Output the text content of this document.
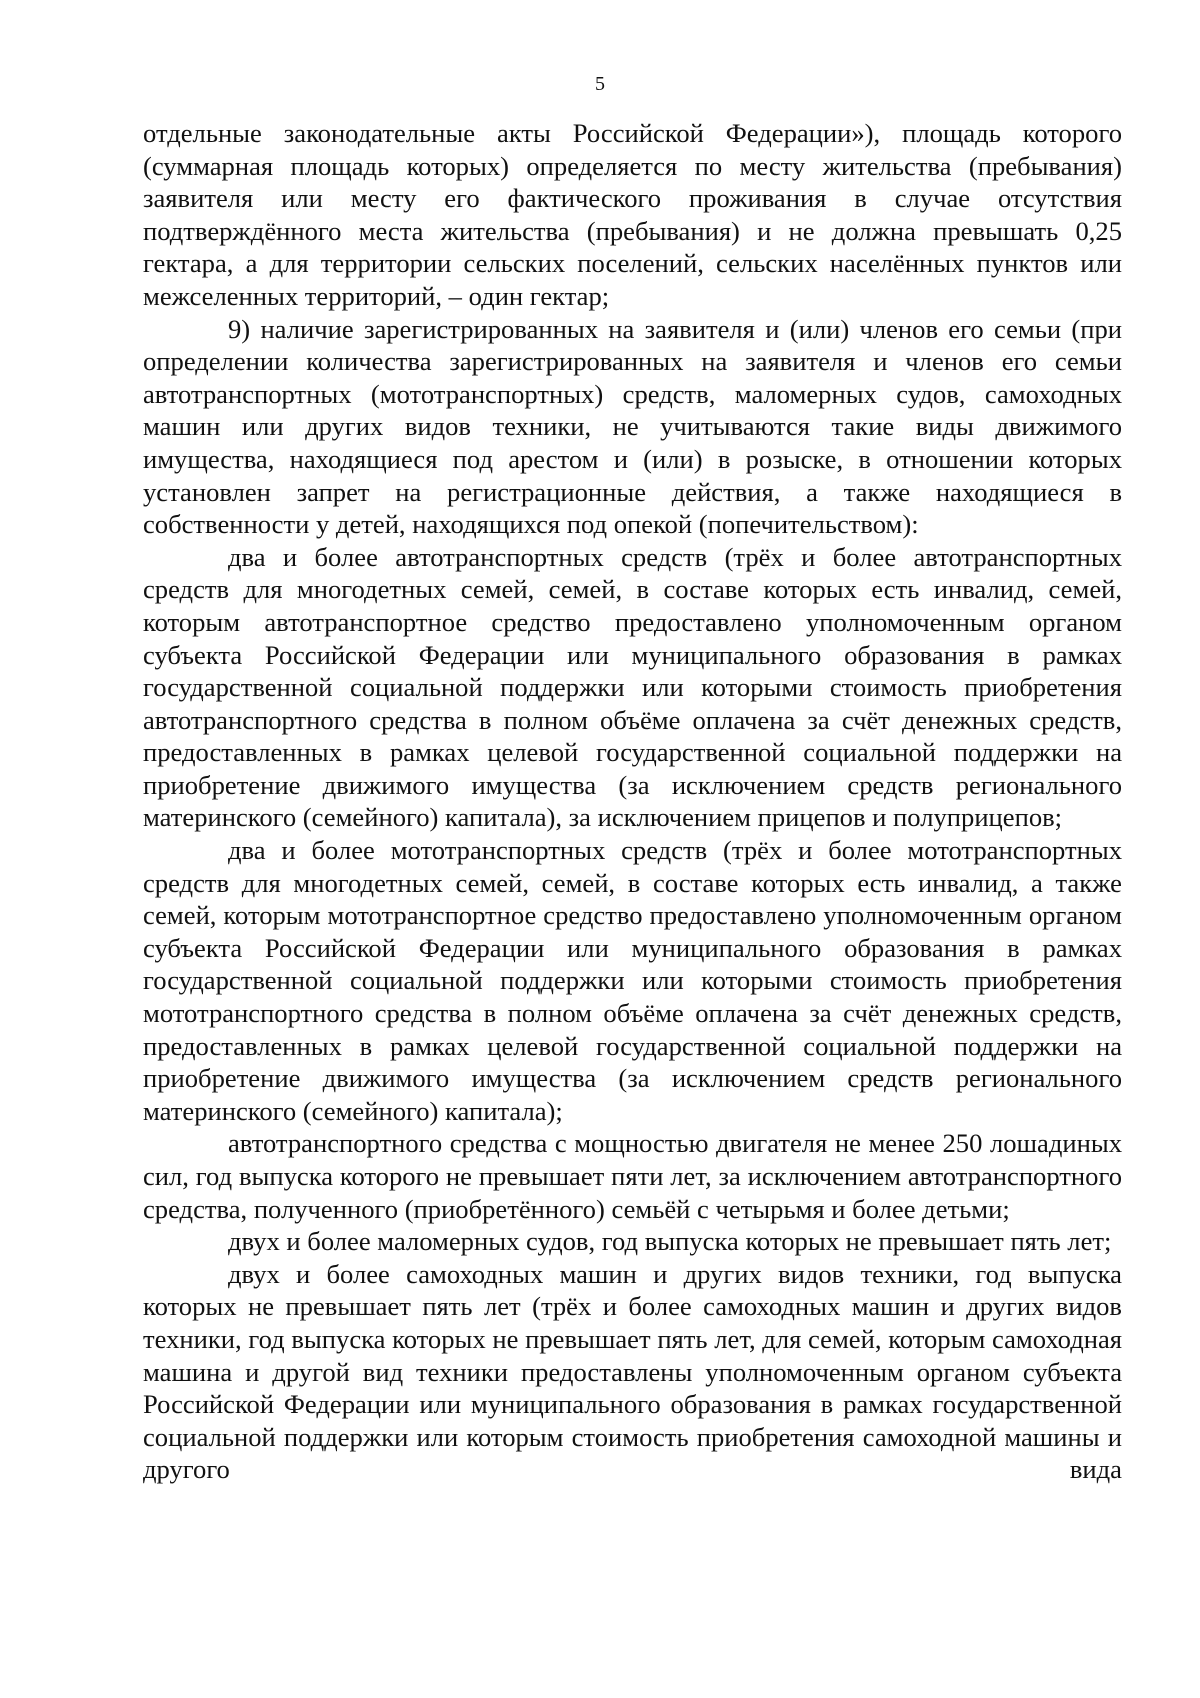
5

отдельные законодательные акты Российской Федерации»), площадь которого (суммарная площадь которых) определяется по месту жительства (пребывания) заявителя или месту его фактического проживания в случае отсутствия подтверждённого места жительства (пребывания) и не должна превышать 0,25 гектара, а для территории сельских поселений, сельских населённых пунктов или межселенных территорий, – один гектар;

9) наличие зарегистрированных на заявителя и (или) членов его семьи (при определении количества зарегистрированных на заявителя и членов его семьи автотранспортных (мототранспортных) средств, маломерных судов, самоходных машин или других видов техники, не учитываются такие виды движимого имущества, находящиеся под арестом и (или) в розыске, в отношении которых установлен запрет на регистрационные действия, а также находящиеся в собственности у детей, находящихся под опекой (попечительством):

два и более автотранспортных средств (трёх и более автотранспортных средств для многодетных семей, семей, в составе которых есть инвалид, семей, которым автотранспортное средство предоставлено уполномоченным органом субъекта Российской Федерации или муниципального образования в рамках государственной социальной поддержки или которыми стоимость приобретения автотранспортного средства в полном объёме оплачена за счёт денежных средств, предоставленных в рамках целевой государственной социальной поддержки на приобретение движимого имущества (за исключением средств регионального материнского (семейного) капитала), за исключением прицепов и полуприцепов;

два и более мототранспортных средств (трёх и более мототранспортных средств для многодетных семей, семей, в составе которых есть инвалид, а также семей, которым мототранспортное средство предоставлено уполномоченным органом субъекта Российской Федерации или муниципального образования в рамках государственной социальной поддержки или которыми стоимость приобретения мототранспортного средства в полном объёме оплачена за счёт денежных средств, предоставленных в рамках целевой государственной социальной поддержки на приобретение движимого имущества (за исключением средств регионального материнского (семейного) капитала);

автотранспортного средства с мощностью двигателя не менее 250 лошадиных сил, год выпуска которого не превышает пяти лет, за исключением автотранспортного средства, полученного (приобретённого) семьёй с четырьмя и более детьми;

двух и более маломерных судов, год выпуска которых не превышает пять лет;

двух и более самоходных машин и других видов техники, год выпуска которых не превышает пять лет (трёх и более самоходных машин и других видов техники, год выпуска которых не превышает пять лет, для семей, которым самоходная машина и другой вид техники предоставлены уполномоченным органом субъекта Российской Федерации или муниципального образования в рамках государственной социальной поддержки или которым стоимость приобретения самоходной машины и другого вида
